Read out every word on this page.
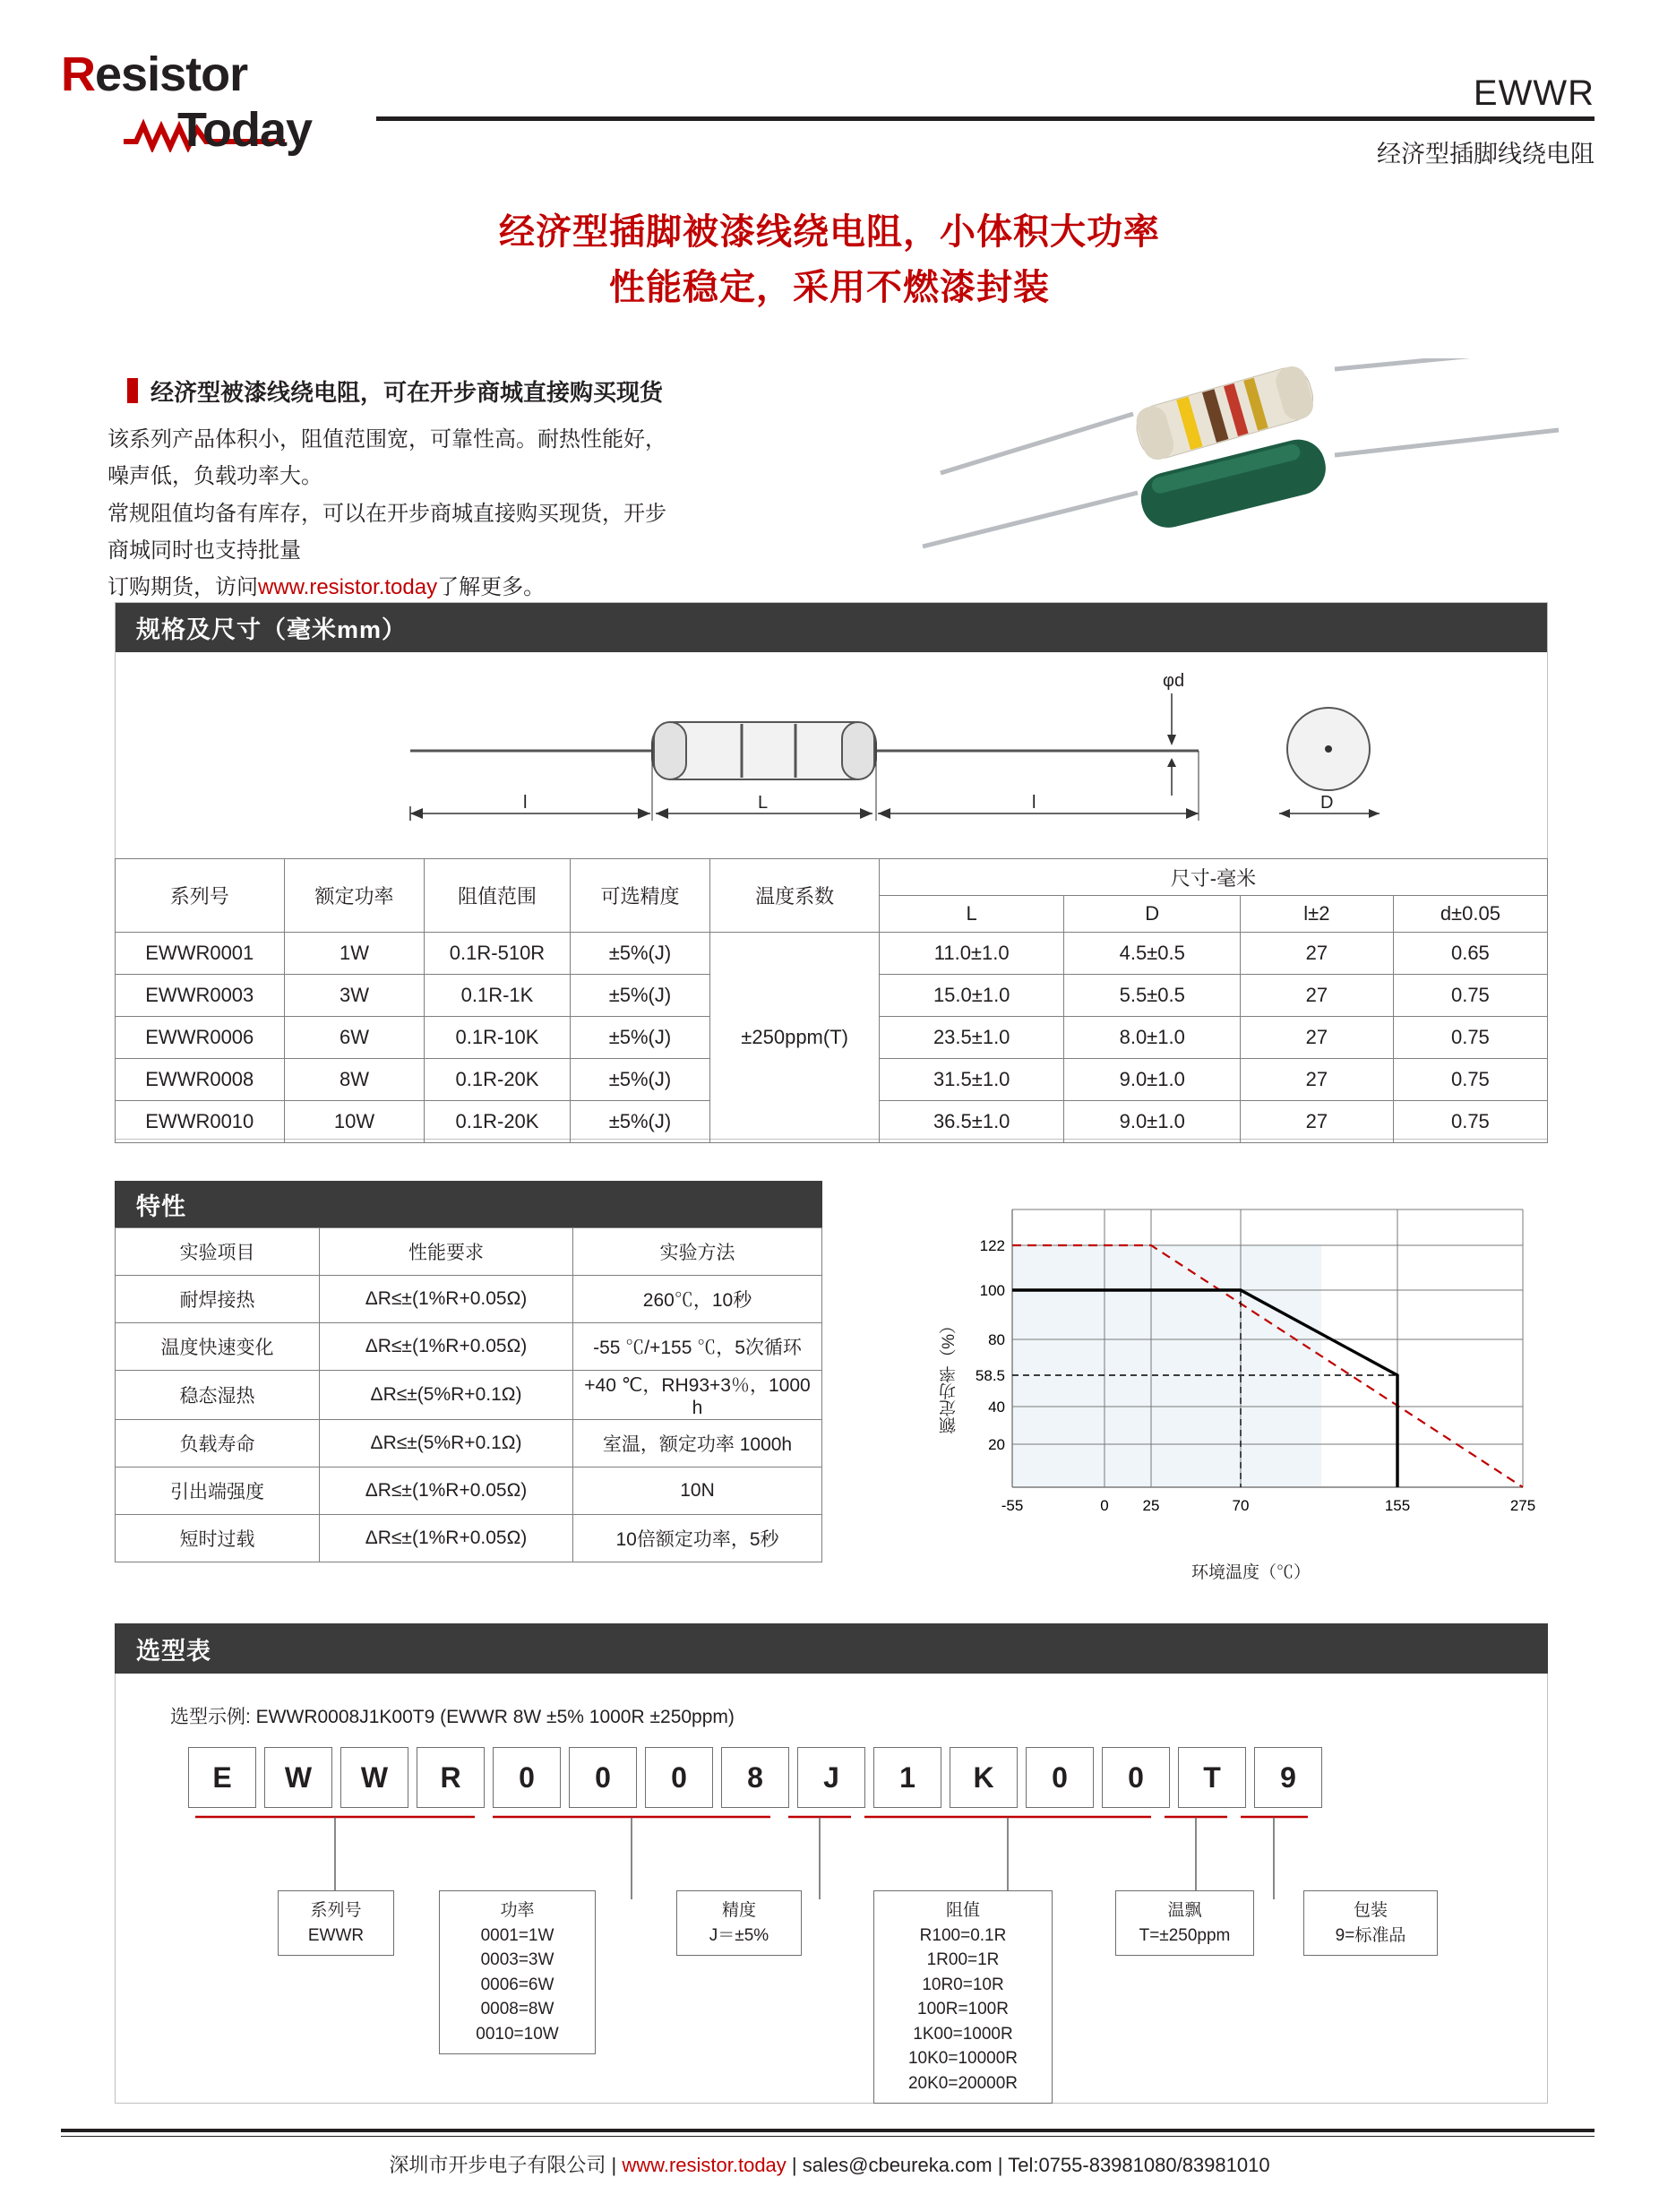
Resistor
Today
EWWR
经济型插脚线绕电阻
经济型插脚被漆线绕电阻，小体积大功率
性能稳定，采用不燃漆封装
经济型被漆线绕电阻，可在开步商城直接购买现货
该系列产品体积小，阻值范围宽，可靠性高。耐热性能好，噪声低，负载功率大。
常规阻值均备有库存，可以在开步商城直接购买现货，开步商城同时也支持批量
订购期货，访问www.resistor.today了解更多。
规格及尺寸（毫米mm）
φd
D
l	L	l
系列号	额定功率	阻值范围	可选精度	温度系数	尺寸-毫米			
					L	D	l±2	d±0.05
EWWR0001	1W	0.1R-510R	±5%(J)	±250ppm(T)	11.0±1.0	4.5±0.5	27	0.65
EWWR0003	3W	0.1R-1K	±5%(J)		15.0±1.0	5.5±0.5	27	0.75
EWWR0006	6W	0.1R-10K	±5%(J)		23.5±1.0	8.0±1.0	27	0.75
EWWR0008	8W	0.1R-20K	±5%(J)		31.5±1.0	9.0±1.0	27	0.75
EWWR0010	10W	0.1R-20K	±5%(J)		36.5±1.0	9.0±1.0	27	0.75
特性
实验项目	性能要求	实验方法
耐焊接热	ΔR≤±(1%R+0.05Ω)	260℃，10秒
温度快速变化	ΔR≤±(1%R+0.05Ω)	-55 ℃/+155 ℃，5次循环
稳态湿热	ΔR≤±(5%R+0.1Ω)	+40 ℃，RH93+3％，1000 h
负载寿命	ΔR≤±(5%R+0.1Ω)	室温，额定功率 1000h
引出端强度	ΔR≤±(1%R+0.05Ω)	10N
短时过载	ΔR≤±(1%R+0.05Ω)	10倍额定功率，5秒
122
100
80
58.5
40
20
-55	0 25	70	155	275
额定功率（%）
环境温度（℃）
选型表
选型示例: EWWR0008J1K00T9 (EWWR 8W ±5% 1000R ±250ppm)
E	W	W	R	0	0	0	8	J	1	K	0	0	T	9
系列号
EWWR
功率
0001=1W
0003=3W
0006=6W
0008=8W
0010=10W
精度
J＝±5%
阻值
R100=0.1R
1R00=1R
10R0=10R
100R=100R
1K00=1000R
10K0=10000R
20K0=20000R
温飘
T=±250ppm
包装
9=标准品
深圳市开步电子有限公司 | www.resistor.today | sales@cbeureka.com | Tel:0755-83981080/83981010
